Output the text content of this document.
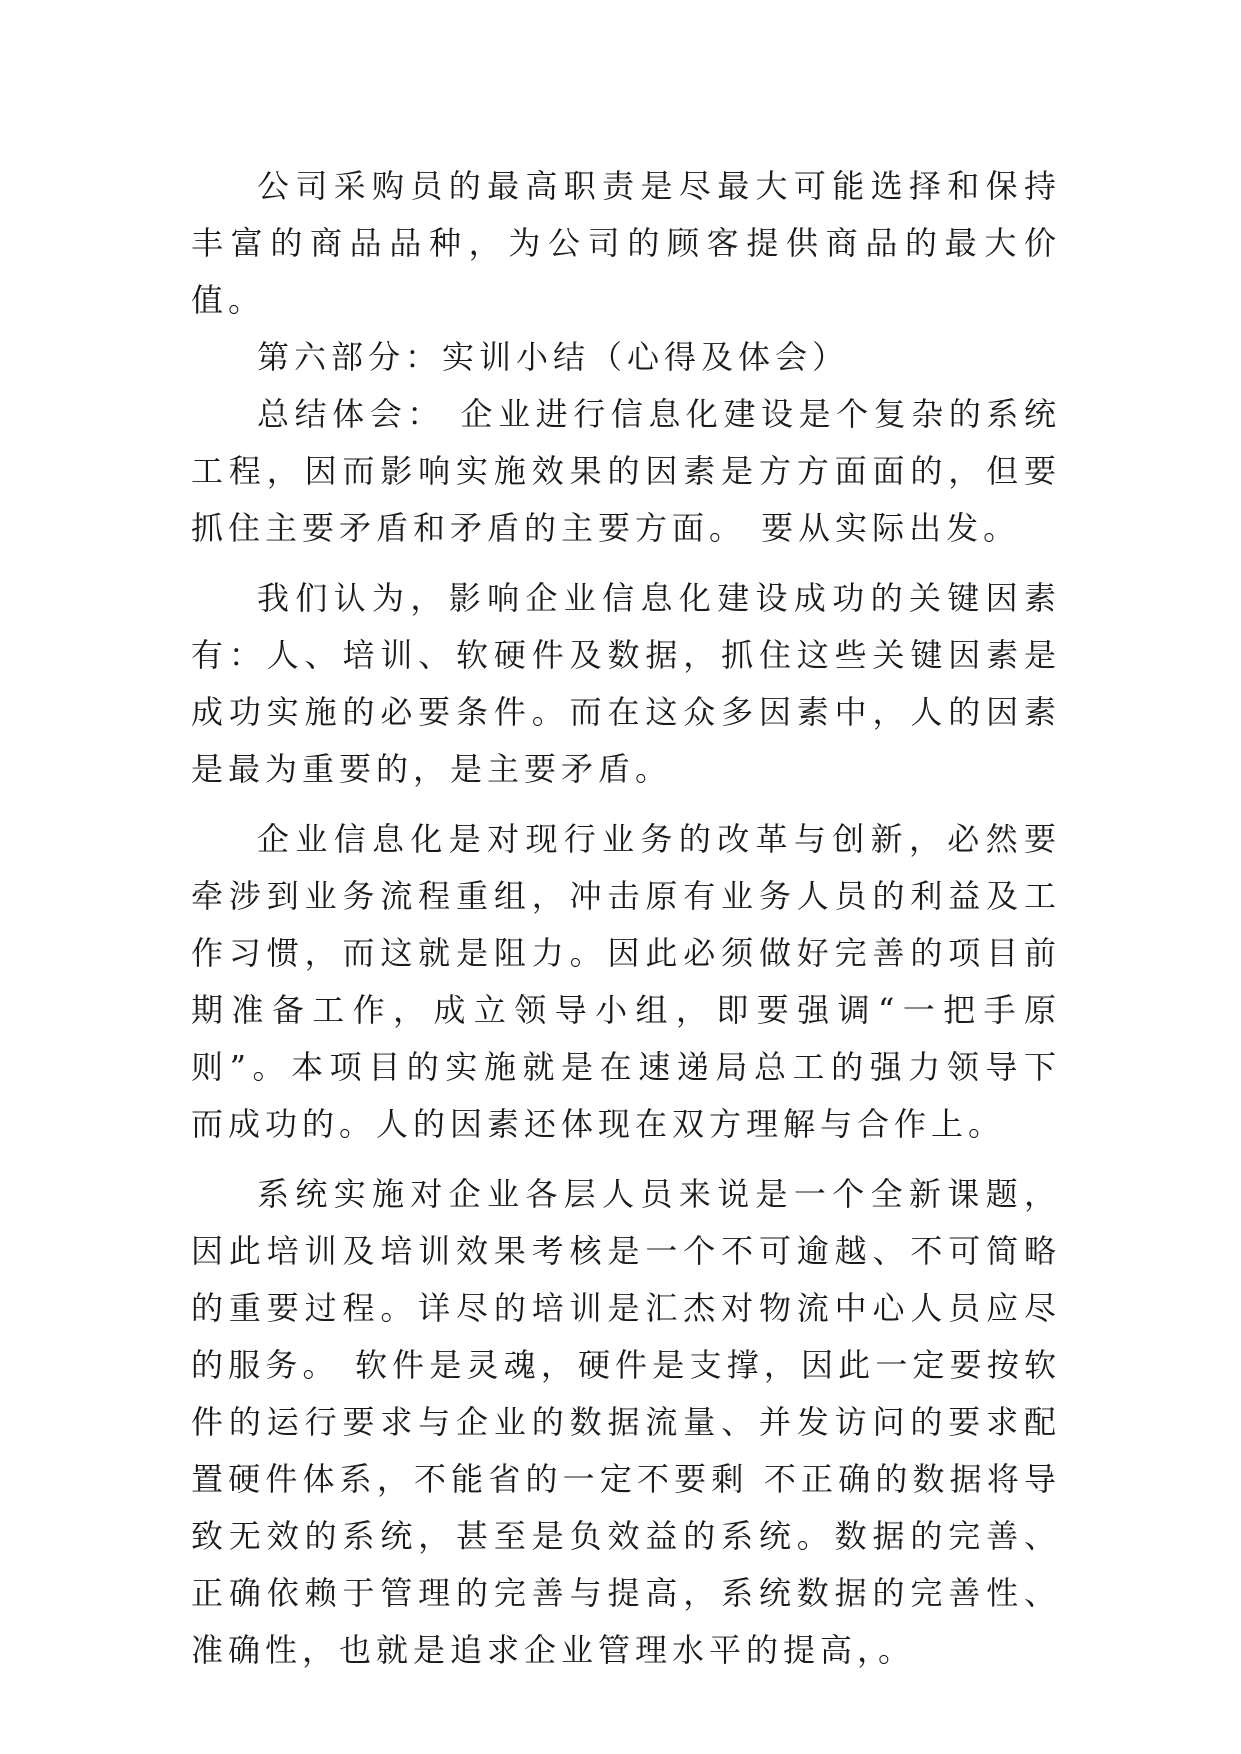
公司采购员的最高职责是尽最大可能选择和保持丰富的商品品种，为公司的顾客提供商品的最大价值。

第六部分：实训小结（心得及体会）

总结体会： 企业进行信息化建设是个复杂的系统工程，因而影响实施效果的因素是方方面面的，但要抓住主要矛盾和矛盾的主要方面。 要从实际出发。

我们认为，影响企业信息化建设成功的关键因素有：人、培训、软硬件及数据，抓住这些关键因素是成功实施的必要条件。而在这众多因素中，人的因素是最为重要的，是主要矛盾。

企业信息化是对现行业务的改革与创新，必然要牵涉到业务流程重组，冲击原有业务人员的利益及工作习惯，而这就是阻力。因此必须做好完善的项目前期准备工作，成立领导小组，即要强调“一把手原则”。本项目的实施就是在速递局总工的强力领导下而成功的。人的因素还体现在双方理解与合作上。

系统实施对企业各层人员来说是一个全新课题，因此培训及培训效果考核是一个不可逾越、不可简略的重要过程。详尽的培训是汇杰对物流中心人员应尽的服务。 软件是灵魂，硬件是支撑，因此一定要按软件的运行要求与企业的数据流量、并发访问的要求配置硬件体系，不能省的一定不要剩 不正确的数据将导致无效的系统，甚至是负效益的系统。数据的完善、正确依赖于管理的完善与提高，系统数据的完善性、准确性，也就是追求企业管理水平的提高，。
